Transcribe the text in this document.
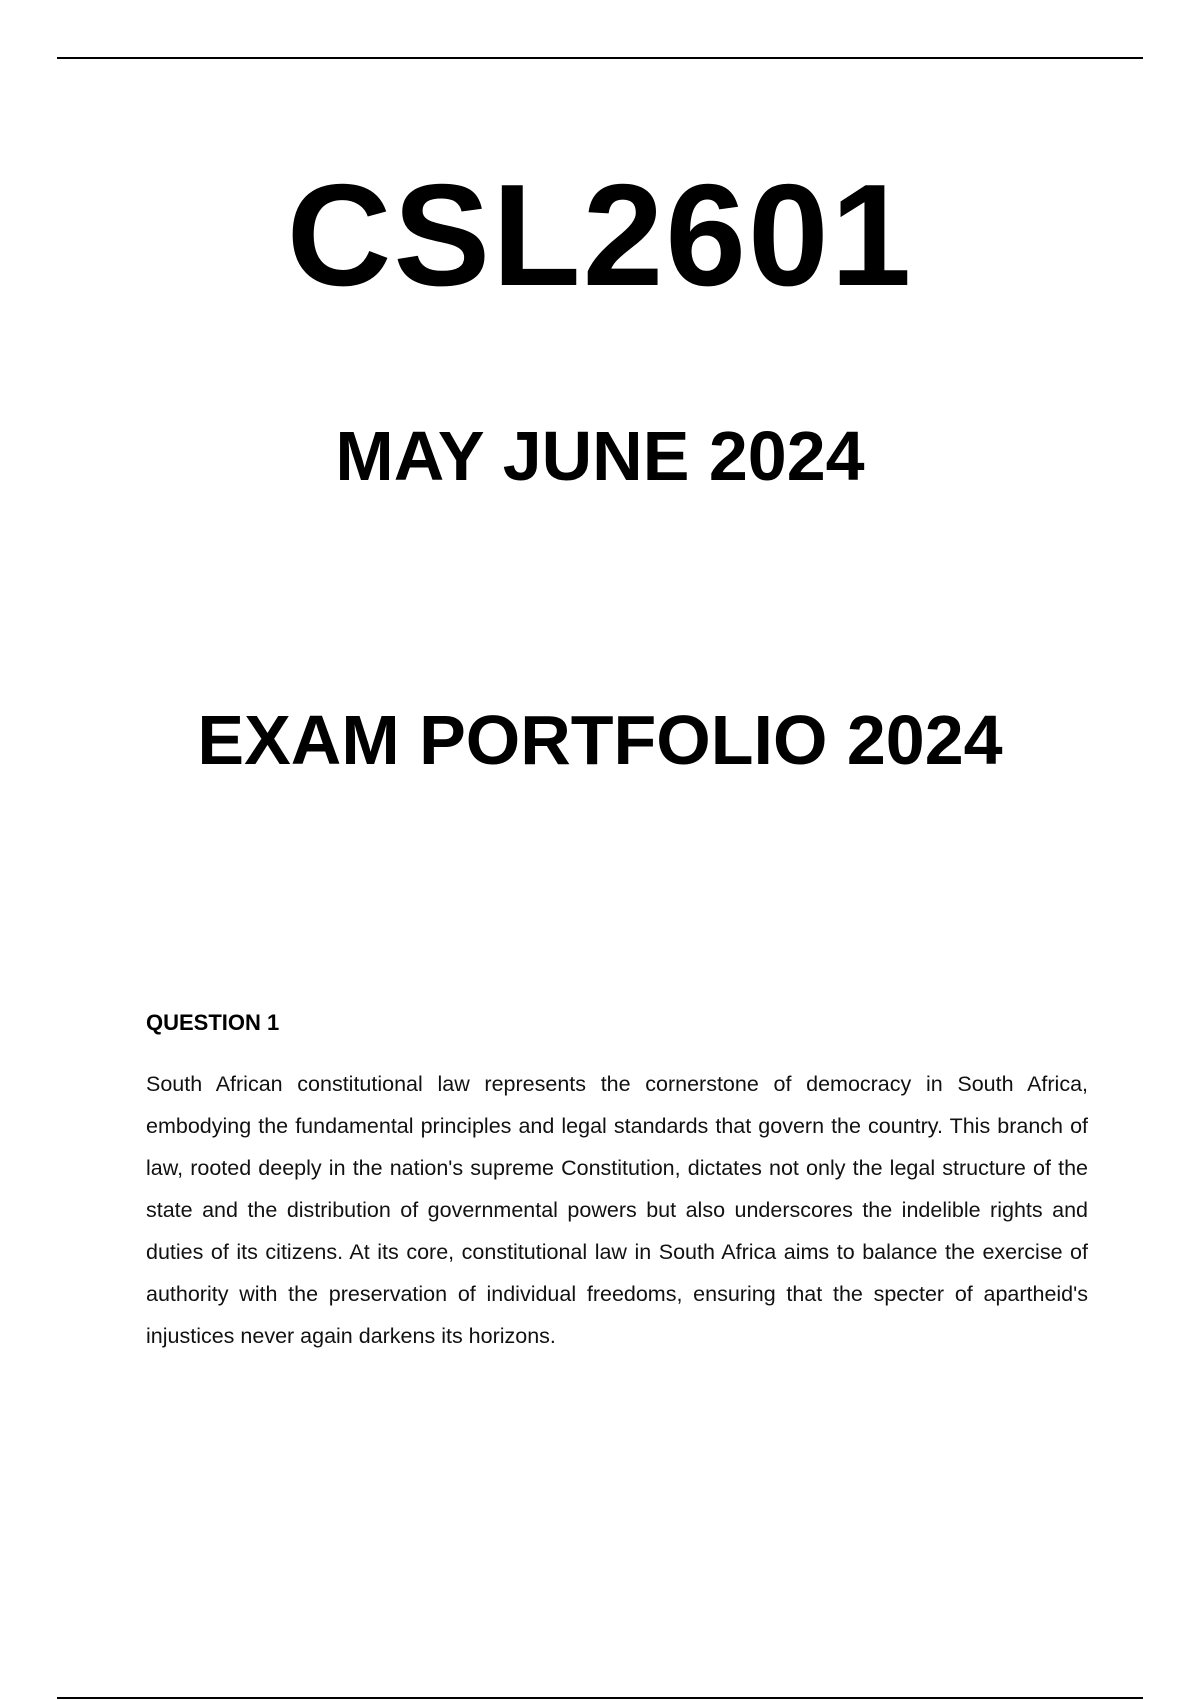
CSL2601
MAY JUNE 2024
EXAM PORTFOLIO 2024
QUESTION 1

South African constitutional law represents the cornerstone of democracy in South Africa, embodying the fundamental principles and legal standards that govern the country. This branch of law, rooted deeply in the nation's supreme Constitution, dictates not only the legal structure of the state and the distribution of governmental powers but also underscores the indelible rights and duties of its citizens. At its core, constitutional law in South Africa aims to balance the exercise of authority with the preservation of individual freedoms, ensuring that the specter of apartheid's injustices never again darkens its horizons.
